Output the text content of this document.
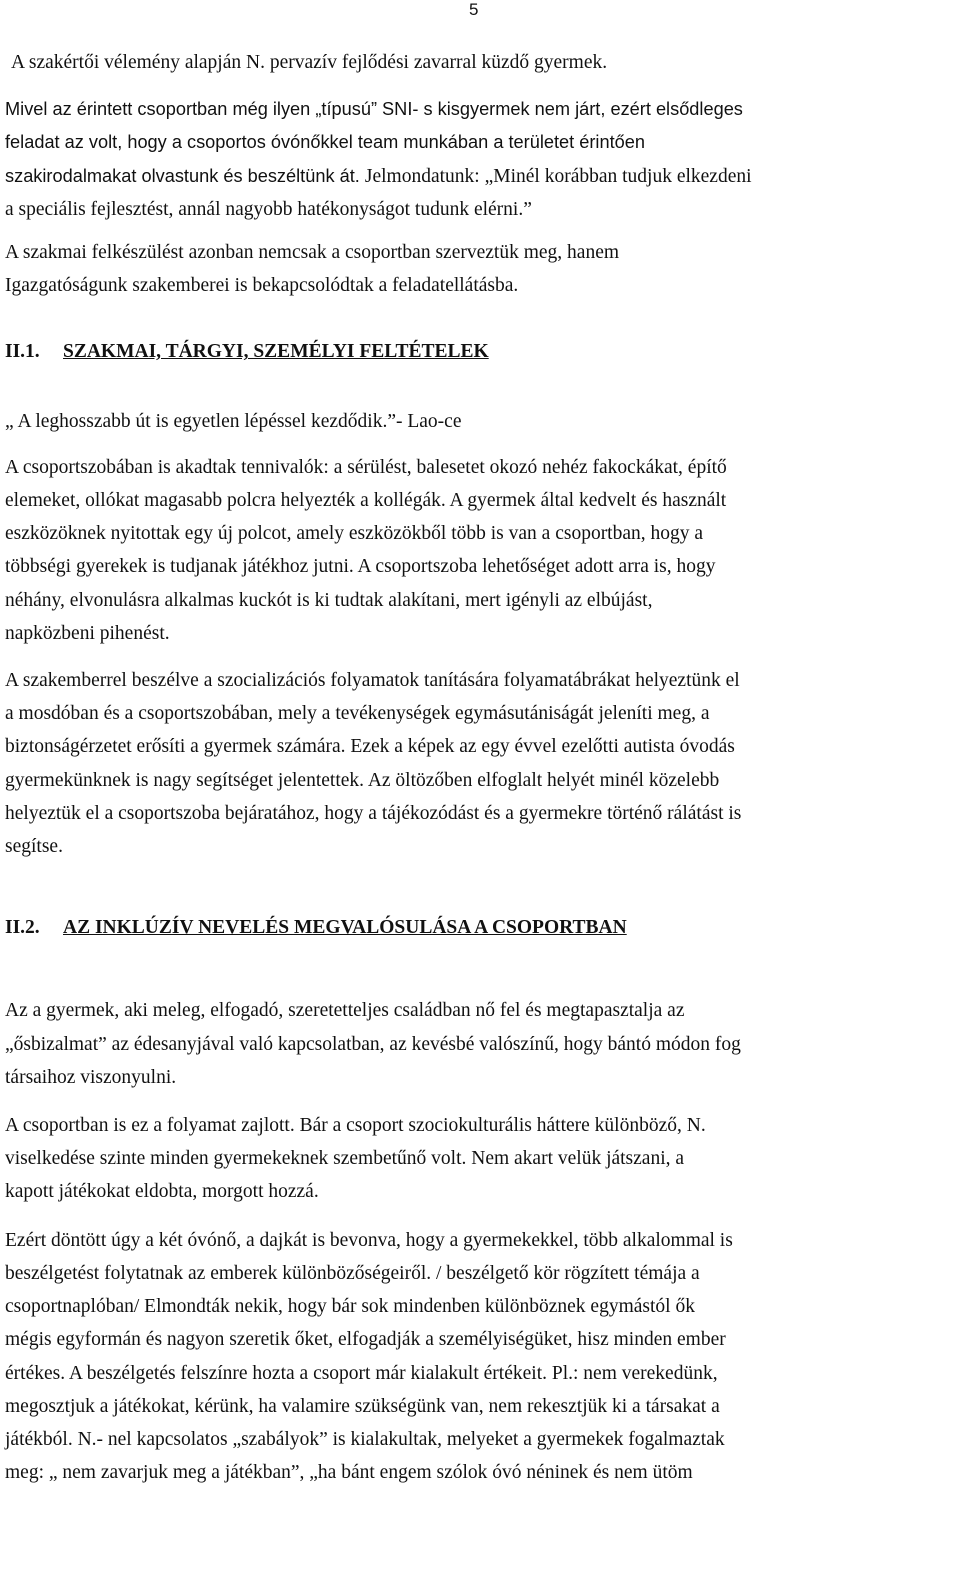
5

A szakértői vélemény alapján N. pervazív fejlődési zavarral küzdő gyermek.

Mivel az érintett csoportban még ilyen „típusú” SNI- s kisgyermek nem járt, ezért elsődleges
feladat az volt, hogy a csoportos óvónőkkel team munkában a területet érintően
szakirodalmakat olvastunk és beszéltünk át. Jelmondatunk: „Minél korábban tudjuk elkezdeni
a speciális fejlesztést, annál nagyobb hatékonyságot tudunk elérni.”
A szakmai felkészülést azonban nemcsak a csoportban szerveztük meg, hanem
Igazgatóságunk szakemberei is bekapcsolódtak a feladatellátásba.
II.1. SZAKMAI, TÁRGYI, SZEMÉLYI FELTÉTELEK

„ A leghosszabb út is egyetlen lépéssel kezdődik.”- Lao-ce

A csoportszobában is akadtak tennivalók: a sérülést, balesetet okozó nehéz fakockákat, építő
elemeket, ollókat magasabb polcra helyezték a kollégák. A gyermek által kedvelt és használt
eszközöknek nyitottak egy új polcot, amely eszközökből több is van a csoportban, hogy a
többségi gyerekek is tudjanak játékhoz jutni. A csoportszoba lehetőséget adott arra is, hogy
néhány, elvonulásra alkalmas kuckót is ki tudtak alakítani, mert igényli az elbújást,
napközbeni pihenést.
A szakemberrel beszélve a szocializációs folyamatok tanítására folyamatábrákat helyeztünk el
a mosdóban és a csoportszobában, mely a tevékenységek egymásutániságát jeleníti meg, a
biztonságérzetet erősíti a gyermek számára. Ezek a képek az egy évvel ezelőtti autista óvodás
gyermekünknek is nagy segítséget jelentettek. Az öltözőben elfoglalt helyét minél közelebb
helyeztük el a csoportszoba bejáratához, hogy a tájékozódást és a gyermekre történő rálátást is
segítse.
II.2. AZ INKLÚZÍV NEVELÉS MEGVALÓSULÁSA A CSOPORTBAN
Az a gyermek, aki meleg, elfogadó, szeretetteljes családban nő fel és megtapasztalja az
„ősbizalmat” az édesanyjával való kapcsolatban, az kevésbé valószínű, hogy bántó módon fog
társaihoz viszonyulni.
A csoportban is ez a folyamat zajlott. Bár a csoport szociokulturális háttere különböző, N.
viselkedése szinte minden gyermekeknek szembetűnő volt. Nem akart velük játszani, a
kapott játékokat eldobta, morgott hozzá.
Ezért döntött úgy a két óvónő, a dajkát is bevonva, hogy a gyermekekkel, több alkalommal is
beszélgetést folytatnak az emberek különbözőségeiről. / beszélgető kör rögzített témája a
csoportnaplóban/ Elmondták nekik, hogy bár sok mindenben különböznek egymástól ők
mégis egyformán és nagyon szeretik őket, elfogadják a személyiségüket, hisz minden ember
értékes. A beszélgetés felszínre hozta a csoport már kialakult értékeit. Pl.: nem verekedünk,
megosztjuk a játékokat, kérünk, ha valamire szükségünk van, nem rekesztjük ki a társakat a
játékból. N.- nel kapcsolatos „szabályok” is kialakultak, melyeket a gyermekek fogalmaztak
meg: „ nem zavarjuk meg a játékban”, „ha bánt engem szólok óvó néninek és nem ütöm
